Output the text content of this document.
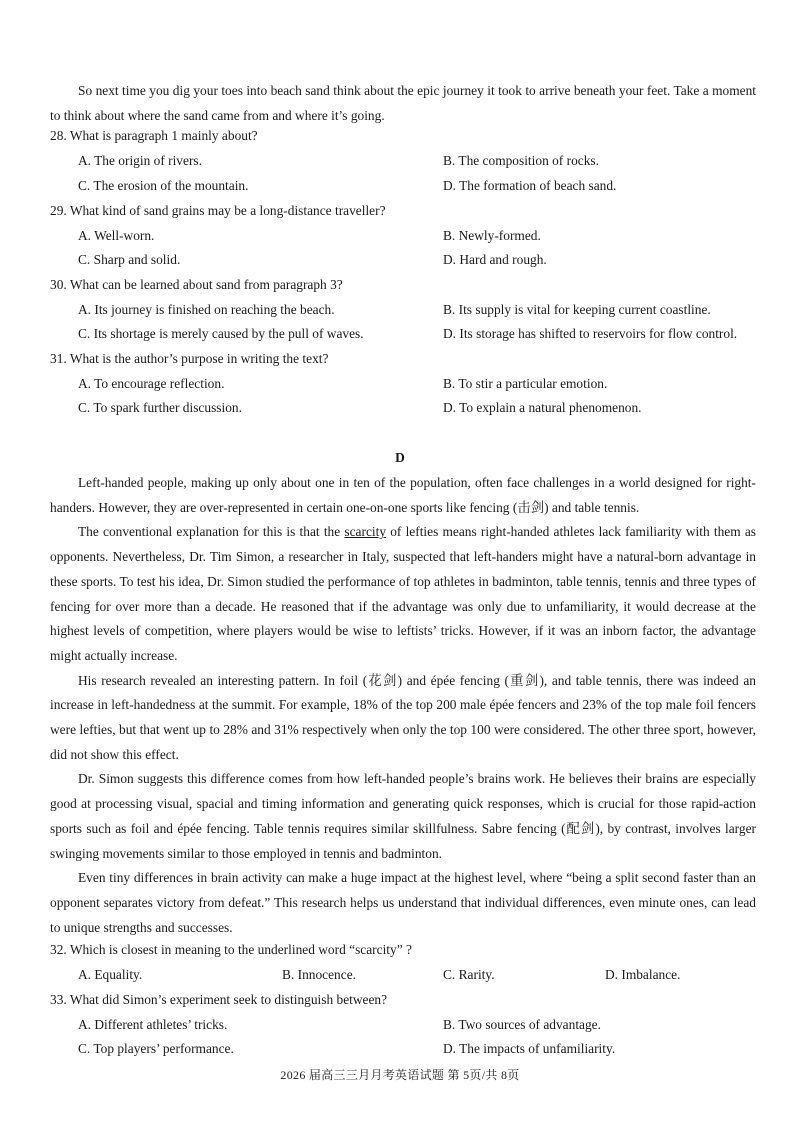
So next time you dig your toes into beach sand think about the epic journey it took to arrive beneath your feet. Take a moment to think about where the sand came from and where it’s going.

28. What is paragraph 1 mainly about?

A. The origin of rivers.	B. The composition of rocks.

C. The erosion of the mountain.	D. The formation of beach sand.

29. What kind of sand grains may be a long-distance traveller?

A. Well-worn.	B. Newly-formed.

C. Sharp and solid.	D. Hard and rough.

30. What can be learned about sand from paragraph 3?

A. Its journey is finished on reaching the beach.	B. Its supply is vital for keeping current coastline.

C. Its shortage is merely caused by the pull of waves.	D. Its storage has shifted to reservoirs for flow control.

31. What is the author’s purpose in writing the text?

A. To encourage reflection.	B. To stir a particular emotion.

C. To spark further discussion.	D. To explain a natural phenomenon.

D

Left-handed people, making up only about one in ten of the population, often face challenges in a world designed for right-handers. However, they are over-represented in certain one-on-one sports like fencing (击剑) and table tennis.

The conventional explanation for this is that the scarcity of lefties means right-handed athletes lack familiarity with them as opponents. Nevertheless, Dr. Tim Simon, a researcher in Italy, suspected that left-handers might have a natural-born advantage in these sports. To test his idea, Dr. Simon studied the performance of top athletes in badminton, table tennis, tennis and three types of fencing for over more than a decade. He reasoned that if the advantage was only due to unfamiliarity, it would decrease at the highest levels of competition, where players would be wise to leftists’ tricks. However, if it was an inborn factor, the advantage might actually increase.

His research revealed an interesting pattern. In foil (花剑) and épée fencing (重剑), and table tennis, there was indeed an increase in left-handedness at the summit. For example, 18% of the top 200 male épée fencers and 23% of the top male foil fencers were lefties, but that went up to 28% and 31% respectively when only the top 100 were considered. The other three sport, however, did not show this effect.

Dr. Simon suggests this difference comes from how left-handed people’s brains work. He believes their brains are especially good at processing visual, spacial and timing information and generating quick responses, which is crucial for those rapid-action sports such as foil and épée fencing. Table tennis requires similar skillfulness. Sabre fencing (配剑), by contrast, involves larger swinging movements similar to those employed in tennis and badminton.

Even tiny differences in brain activity can make a huge impact at the highest level, where “being a split second faster than an opponent separates victory from defeat.” This research helps us understand that individual differences, even minute ones, can lead to unique strengths and successes.

32. Which is closest in meaning to the underlined word “scarcity” ?

A. Equality.	B. Innocence.	C. Rarity.	D. Imbalance.

33. What did Simon’s experiment seek to distinguish between?

A. Different athletes’ tricks.	B. Two sources of advantage.

C. Top players’ performance.	D. The impacts of unfamiliarity.

2026 届高三三月月考英语试题 第 5页/共 8页
